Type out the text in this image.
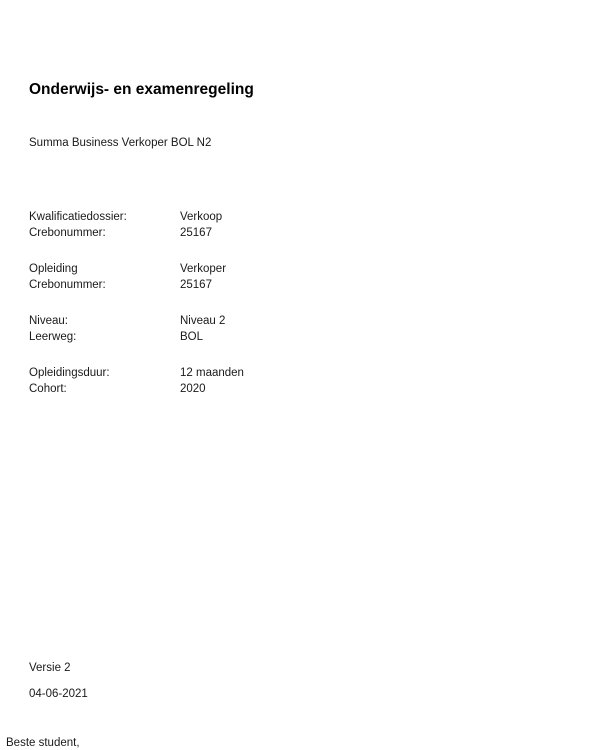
Onderwijs- en examenregeling
Summa Business Verkoper BOL N2
Kwalificatiedossier:	Verkoop
Crebonummer:	25167
Opleiding	Verkoper
Crebonummer:	25167
Niveau:	Niveau 2
Leerweg:	BOL
Opleidingsduur:	12 maanden
Cohort:	2020
Versie 2
04-06-2021
Beste student,
